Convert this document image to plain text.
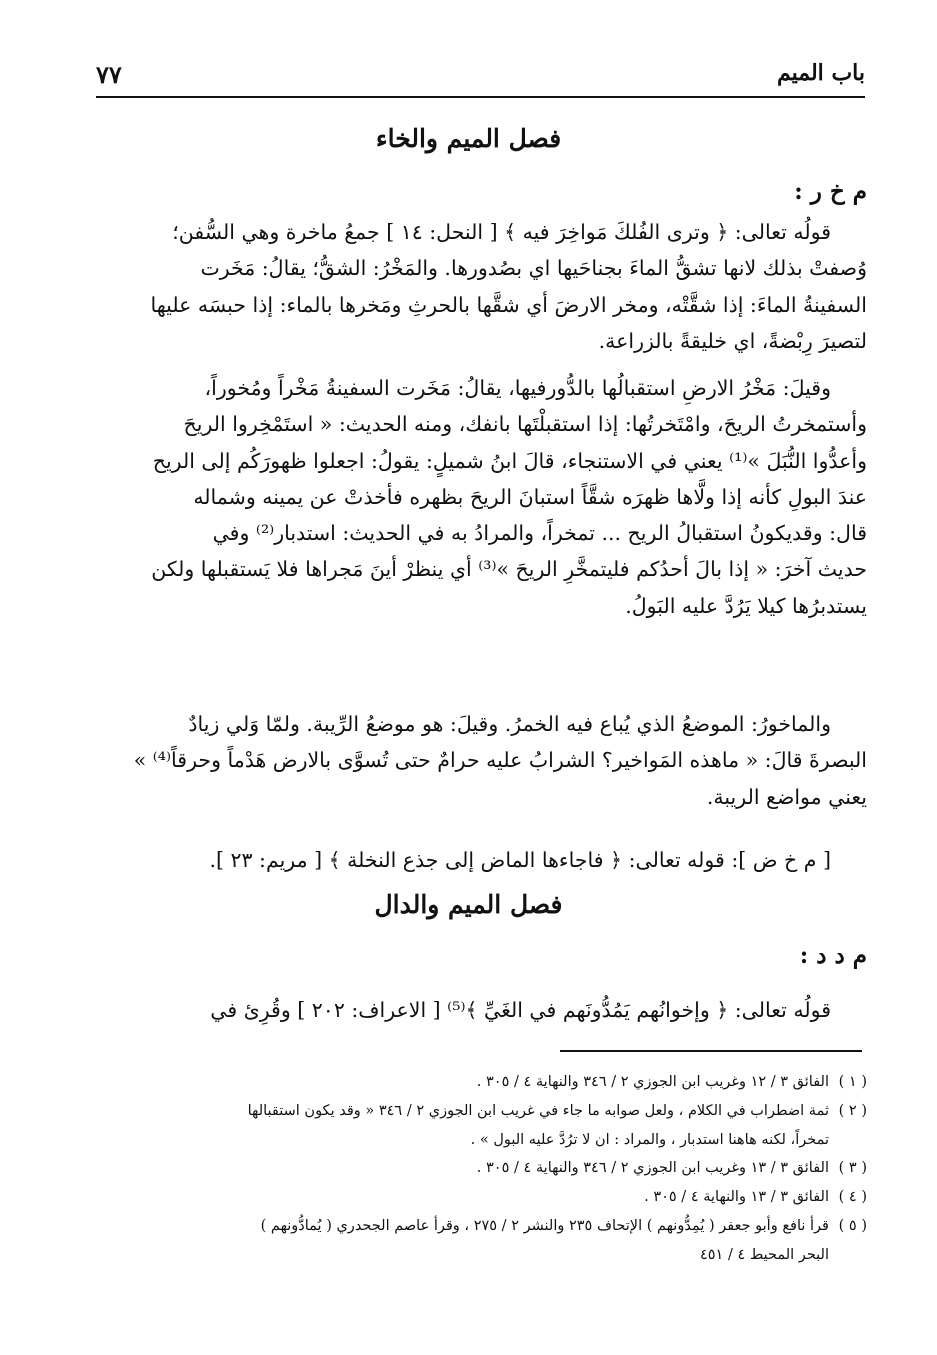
باب الميم
٧٧
فصل الميم والخاء
م خ ر :
قولُه تعالى: ﴿ وترى الفُلكَ مَواخِرَ فيه ﴾ [ النحل: ١٤ ] جمعُ ماخرة وهي السُّفن؛
وُصفتْ بذلك لانها تشقُّ الماءَ بجناحَيها اي بصُدورها. والمَخْرُ: الشقُّ؛ يقالُ: مَخَرت
السفينةُ الماءَ: إذا شقَّتْه، ومخر الارضَ أي شقَّها بالحرثِ ومَخرها بالماء: إذا حبسَه عليها
لتصيرَ رِبْضةً، اي خليقةً بالزراعة.
وقيلَ: مَخْرُ الارضِ استقبالُها بالدُّورفيها، يقالُ: مَخَرت السفينةُ مَخْراً ومُخوراً،
وأستمخرتُ الريحَ، وامْتَخرتُها: إذا استقبلْتَها بانفك، ومنه الحديث: « استَمْخِروا الريحَ
وأعدُّوا النُّبَلَ »⁽¹⁾ يعني في الاستنجاء، قالَ ابنُ شميلٍ: يقولُ: اجعلوا ظهورَكُم إلى الريح
عندَ البولِ كأنه إذا ولَّاها ظهرَه شقَّاً استبانَ الريحَ بظهره فأخذتْ عن يمينه وشماله
قال: وقديكونُ استقبالُ الريح ... تمخراً، والمرادُ به في الحديث: استدبار⁽²⁾ وفي
حديث آخرَ: « إذا بالَ أحدُكم فليتمخَّرِ الريحَ »⁽³⁾ أي ينظرْ أينَ مَجراها فلا يَستقبلها ولكن
يستدبرُها كيلا يَرُدَّ عليه البَولُ.
والماخورُ: الموضعُ الذي يُباع فيه الخمرُ. وقيلَ: هو موضعُ الرِّيبة. ولمّا وَلي زيادٌ
البصرةَ قالَ: « ماهذه المَواخير؟ الشرابُ عليه حرامٌ حتى تُسوَّى بالارض هَدْماً وحرقاً⁽⁴⁾ »
يعني مواضع الريبة.
[ م خ ض ]: قوله تعالى: ﴿ فاجاءها الماض إلى جذع النخلة ﴾ [ مريم: ٢٣ ].
فصل الميم والدال
م د د :
قولُه تعالى: ﴿ وإخوانُهم يَمُدُّونَهم في الغَيِّ ﴾⁽⁵⁾ [ الاعراف: ٢٠٢ ] وقُرِئ في
( ١ )
الفائق ٣ / ١٢ وغريب ابن الجوزي ٢ / ٣٤٦ والنهاية ٤ / ٣٠٥ .
( ٢ )
ثمة اضطراب في الكلام ، ولعل صوابه ما جاء في غريب ابن الجوزي ٢ / ٣٤٦ « وقد يكون استقبالها
تمخراً، لكنه هاهنا استدبار ، والمراد : ان لا ترُدَّ عليه البول » .
( ٣ )
الفائق ٣ / ١٣ وغريب ابن الجوزي ٢ / ٣٤٦ والنهاية ٤ / ٣٠٥ .
( ٤ )
الفائق ٣ / ١٣ والنهاية ٤ / ٣٠٥ .
( ٥ )
قرأ نافع وأبو جعفر ( يُمِدُّونهم ) الإتحاف ٢٣٥ والنشر ٢ / ٢٧٥ ، وقرأ عاصم الجحدري ( يُمادُّونهم )
البحر المحيط ٤ / ٤٥١
